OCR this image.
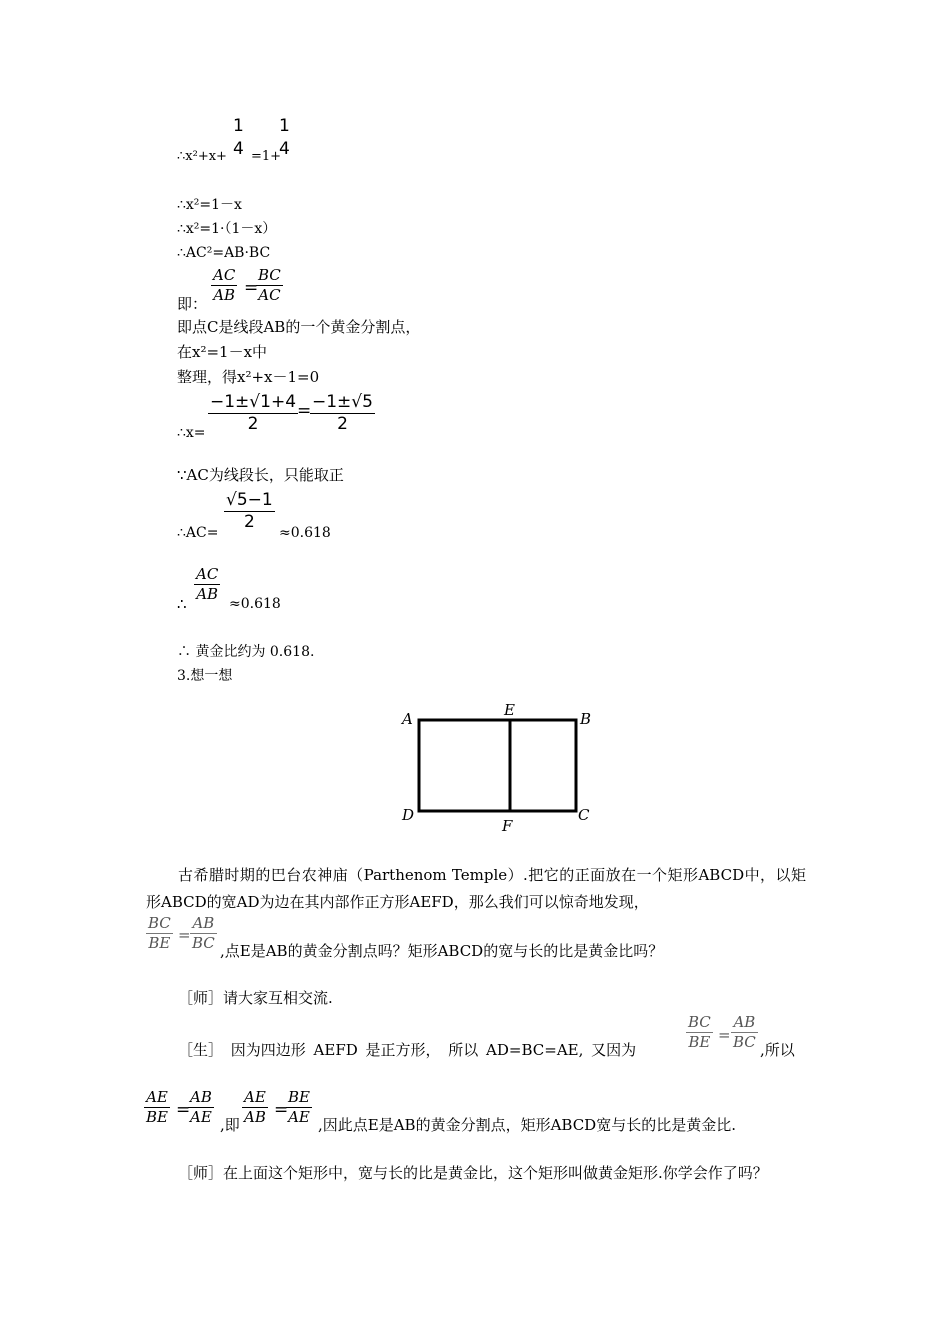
1
4
1
4
∴x²+x+ =1+
∴x²=1－x
∴x²=1·（1－x）
∴AC²=AB·BC
即：
AC
AB =
BC
AC
即点C是线段AB的一个黄金分割点，
在x²=1－x中
整理，得x²+x－1=0
−1±√1+4
2
= −1±√5
2
∴x=
∵AC为线段长，只能取正
√5−1
2
∴AC=	≈0.618
AC
AB
∴	≈0.618
∴ 黄金比约为 0.618.
3.想一想
A	E	B
D
F
C
古希腊时期的巴台农神庙（Parthenom Temple）.把它的正面放在一个矩形ABCD中，以矩形ABCD的宽AD为边在其内部作正方形AEFD，那么我们可以惊奇地发现，
BC
BE =
AB
BC ,点E是AB的黄金分割点吗？矩形ABCD的宽与长的比是黄金比吗？
［师］请大家互相交流.
［生］ 因为四边形 AEFD 是正方形， 所以 AD=BC=AE, 又因为
BC
BE =
AB
BC ,所以
AE
BE =
AB
AE ,即
AE
AB =
BE
AE ,因此点E是AB的黄金分割点，矩形ABCD宽与长的比是黄金比.
［师］在上面这个矩形中，宽与长的比是黄金比，这个矩形叫做黄金矩形.你学会作了吗？
